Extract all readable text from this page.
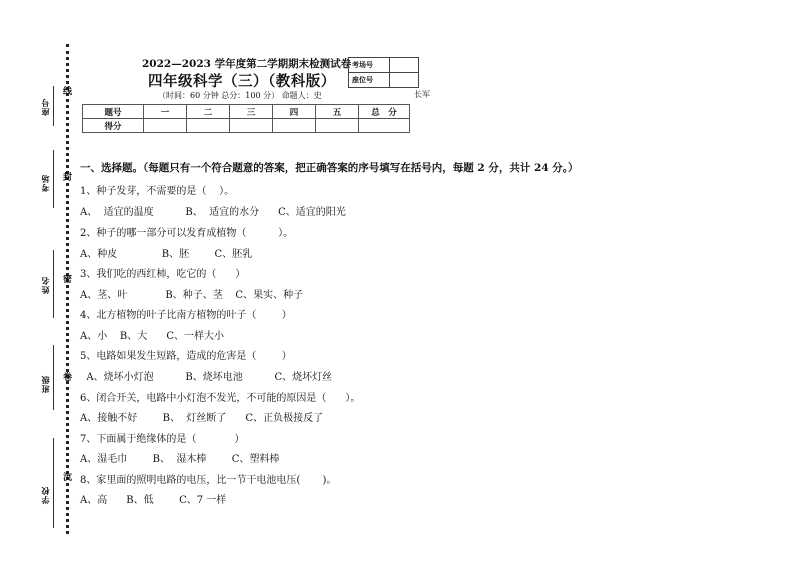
座号
考场
姓名
班级
学校
线
封
密
卷
沆
2022—2023 学年度第二学期期末检测试卷
四年级科学（三）（教科版）
（时间：60 分钟 总分：100 分） 命题人：史	长军
考场号	
座位号	
题号	一	二	三	四	五	总　分
得分						
一、选择题。（每题只有一个符合题意的答案，把正确答案的序号填写在括号内，每题 2 分，共计 24 分。）
1、种子发芽，不需要的是（    ）。
A、  适宜的温度          B、  适宜的水分      C、适宜的阳光
2、种子的哪一部分可以发育成植物（          ）。
A、种皮              B、胚        C、胚乳
3、我们吃的西红柿，吃它的（      ）
A、茎、叶            B、种子、茎    C、果实、种子
4、北方植物的叶子比南方植物的叶子（        ）
A、小    B、大      C、一样大小
5、电路如果发生短路，造成的危害是（        ）
A、烧坏小灯泡          B、烧坏电池          C、烧坏灯丝
6、闭合开关，电路中小灯泡不发光，不可能的原因是（      ）。
A、接触不好        B、  灯丝断了      C、正负极接反了
7、下面属于绝缘体的是（            ）
A、湿毛巾        B、  湿木棒        C、塑料棒
8、家里面的照明电路的电压，比一节干电池电压(       )。
A、高      B、低        C、7 一样
